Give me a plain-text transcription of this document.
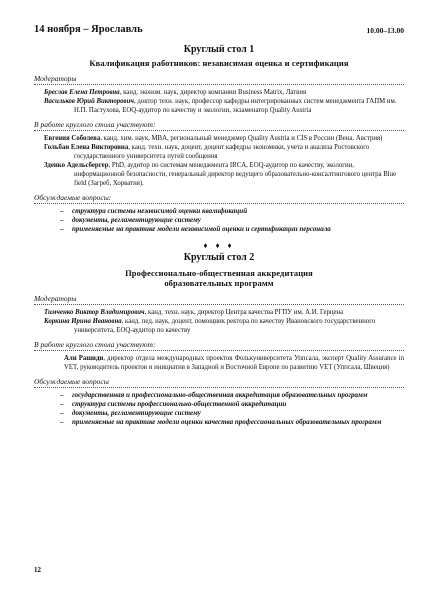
14 ноября – Ярославль	10.00–13.00
Круглый стол 1
Квалификация работников: независимая оценка и сертификация
Модераторы
Бреслав Елена Петровна, канд. эконом. наук, директор компании Business Matrix, Латвия
Васильков Юрий Викторович, доктор техн. наук, профессор кафедры интегрированных систем менеджмента ГАПМ им. Н.П. Пастухова, EOQ-аудитор по качеству и экологии, экзаменатор Quality Austria
В работе круглого стола участвуют:
Евгения Соболева, канд. хим. наук, MBA, региональный менеджмер Quality Austria и CIS в России (Вена, Австрия)
Гольбан Елена Викторовна, канд. техн. наук, доцент, доцент кафедры экономики, учета и анализа Ростовского государственного университета путей сообщения
Зденко Адельсбергер, PhD, аудитор по системам менеджмента IRCA, EOQ-аудитор по качеству, экологии, информационной безопасности, генеральный директор ведущего образовательно-консалтингового центра Blue field (Загреб, Хорватия).
Обсуждаемые вопросы:
– структура системы независимой оценки квалификаций
– документы, регламентирующие систему
– применяемые на практике модели независимой оценки и сертификации персонала
♦ ♦ ♦
Круглый стол 2
Профессионально-общественная аккредитация
образовательных программ
Модераторы
Тимченко Виктор Владимирович, канд. техн. наук, директор Центра качества РГПУ им. А.И. Герцена
Коркина Ирина Ивановна, канд. пед. наук, доцент, помощник ректора по качеству Ивановского государственного университета, EOQ-аудитор по качеству
В работе круглого стола участвуют:
Али Рашиди, директор отдела международных проектов Фолькуниверситета Уппсала, эксперт Quality Assurance in VET, руководитель проектов и инициатив в Западной и Восточной Европе по развитию VET (Уппсала, Швеция)
Обсуждаемые вопросы
– государственная и профессионально-общественная аккредитация образовательных программ
– структура системы профессионально-общественной аккредитации
– документы, регламентирующие систему
– применяемые на практике модели оценки качества профессиональных образовательных программ
12
